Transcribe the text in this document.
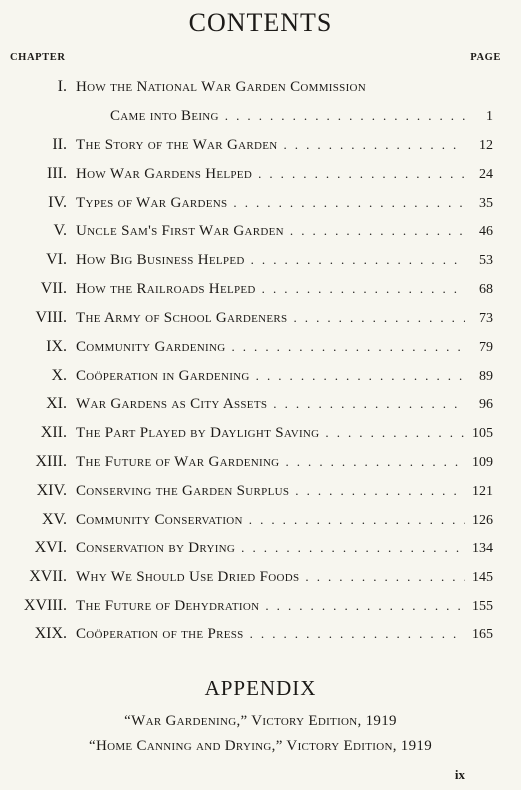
CONTENTS
CHAPTER	PAGE
I. How the National War Garden Commission
Came into Being . . .	1
II. The Story of the War Garden . . .	12
III. How War Gardens Helped . . .	24
IV. Types of War Gardens . . .	35
V. Uncle Sam's First War Garden . . .	46
VI. How Big Business Helped . . .	53
VII. How the Railroads Helped . . .	68
VIII. The Army of School Gardeners . . .	73
IX. Community Gardening . . .	79
X. Coöperation in Gardening . . .	89
XI. War Gardens as City Assets . . .	96
XII. The Part Played by Daylight Saving . . .	105
XIII. The Future of War Gardening . . .	109
XIV. Conserving the Garden Surplus . . .	121
XV. Community Conservation . . .	126
XVI. Conservation by Drying . . .	134
XVII. Why We Should Use Dried Foods . . .	145
XVIII. The Future of Dehydration . . .	155
XIX. Coöperation of the Press . . .	165
APPENDIX
“War Gardening,” Victory Edition, 1919
“Home Canning and Drying,” Victory Edition, 1919
ix
